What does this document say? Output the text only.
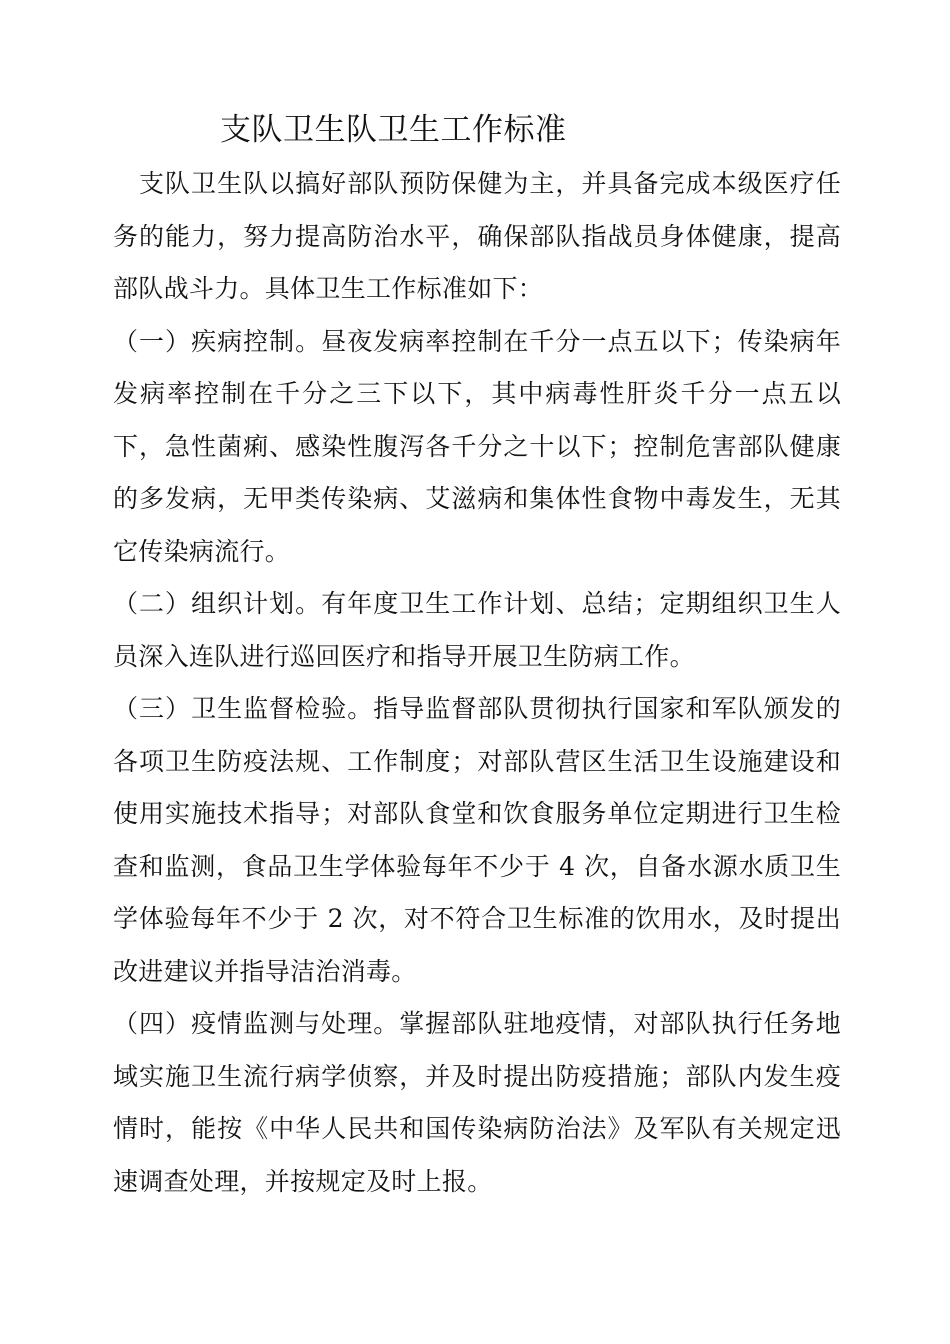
支队卫生队卫生工作标准

支队卫生队以搞好部队预防保健为主，并具备完成本级医疗任务的能力，努力提高防治水平，确保部队指战员身体健康，提高部队战斗力。具体卫生工作标准如下：

（一）疾病控制。昼夜发病率控制在千分一点五以下；传染病年发病率控制在千分之三下以下，其中病毒性肝炎千分一点五以下，急性菌痢、感染性腹泻各千分之十以下；控制危害部队健康的多发病，无甲类传染病、艾滋病和集体性食物中毒发生，无其它传染病流行。

（二）组织计划。有年度卫生工作计划、总结；定期组织卫生人员深入连队进行巡回医疗和指导开展卫生防病工作。

（三）卫生监督检验。指导监督部队贯彻执行国家和军队颁发的各项卫生防疫法规、工作制度；对部队营区生活卫生设施建设和使用实施技术指导；对部队食堂和饮食服务单位定期进行卫生检查和监测，食品卫生学体验每年不少于 4 次，自备水源水质卫生学体验每年不少于 2 次，对不符合卫生标准的饮用水，及时提出改进建议并指导洁治消毒。

（四）疫情监测与处理。掌握部队驻地疫情，对部队执行任务地域实施卫生流行病学侦察，并及时提出防疫措施；部队内发生疫情时，能按《中华人民共和国传染病防治法》及军队有关规定迅速调查处理，并按规定及时上报。
